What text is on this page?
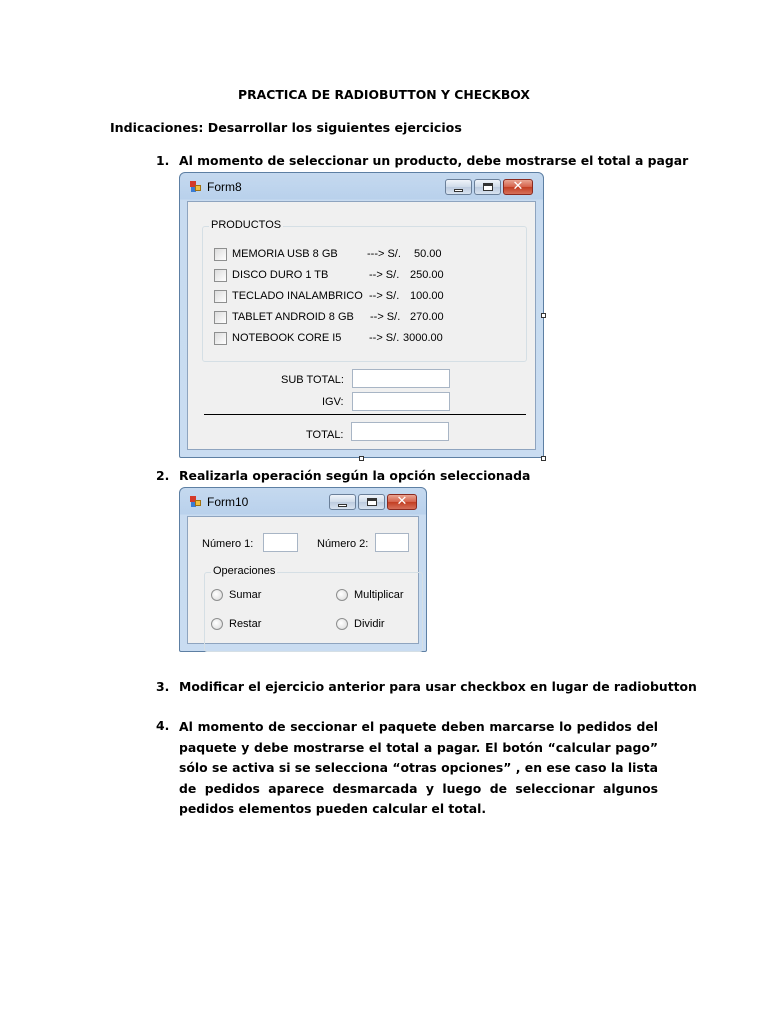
PRACTICA DE RADIOBUTTON Y CHECKBOX
Indicaciones: Desarrollar los siguientes ejercicios
1. Al momento de seleccionar un producto, debe mostrarse el total a pagar
Form8	✕
PRODUCTOS
MEMORIA USB 8 GB	---> S/. 50.00
DISCO DURO 1 TB	--> S/. 250.00
TECLADO INALAMBRICO --> S/. 100.00
TABLET ANDROID 8 GB --> S/. 270.00
NOTEBOOK CORE I5	--> S/. 3000.00
SUB TOTAL:
IGV:
TOTAL:
2. Realizarla operación según la opción seleccionada
Form10	✕
Número 1:	Número 2:
Operaciones
Sumar	Multiplicar
Restar	Dividir
3. Modificar el ejercicio anterior para usar checkbox en lugar de radiobutton
4. Al momento de seccionar el paquete deben marcarse lo pedidos del paquete y debe mostrarse el total a pagar. El botón “calcular pago” sólo se activa si se selecciona “otras opciones” , en ese caso la lista de pedidos aparece desmarcada y luego de seleccionar algunos pedidos elementos pueden calcular el total.
